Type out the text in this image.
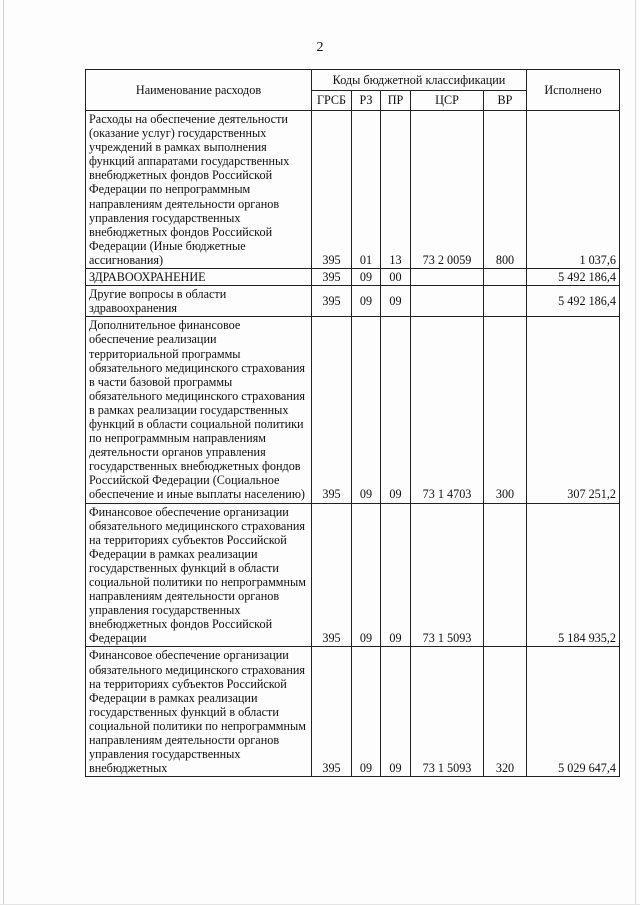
2
Наименование расходов	Коды бюджетной классификации					Исполнено
	ГРСБ	РЗ	ПР	ЦСР	ВР	
Расходы на обеспечение деятельности (оказание услуг) государственных учреждений в рамках выполнения функций аппаратами государственных внебюджетных фондов Российской Федерации по непрограммным направлениям деятельности органов управления государственных внебюджетных фондов Российской Федерации (Иные бюджетные ассигнования)	395	01	13	73 2 0059	800	1 037,6
ЗДРАВООХРАНЕНИЕ	395	09	00			5 492 186,4
Другие вопросы в области здравоохранения	395	09	09			5 492 186,4
Дополнительное финансовое обеспечение реализации территориальной программы обязательного медицинского страхования в части базовой программы обязательного медицинского страхования в рамках реализации государственных функций в области социальной политики по непрограммным направлениям деятельности органов управления государственных внебюджетных фондов Российской Федерации (Социальное обеспечение и иные выплаты населению)	395	09	09	73 1 4703	300	307 251,2
Финансовое обеспечение организации обязательного медицинского страхования на территориях субъектов Российской Федерации в рамках реализации государственных функций в области социальной политики по непрограммным направлениям деятельности органов управления государственных внебюджетных фондов Российской Федерации	395	09	09	73 1 5093		5 184 935,2
Финансовое обеспечение организации обязательного медицинского страхования на территориях субъектов Российской Федерации в рамках реализации государственных функций в области социальной политики по непрограммным направлениям деятельности органов управления государственных внебюджетных	395	09	09	73 1 5093	320	5 029 647,4
